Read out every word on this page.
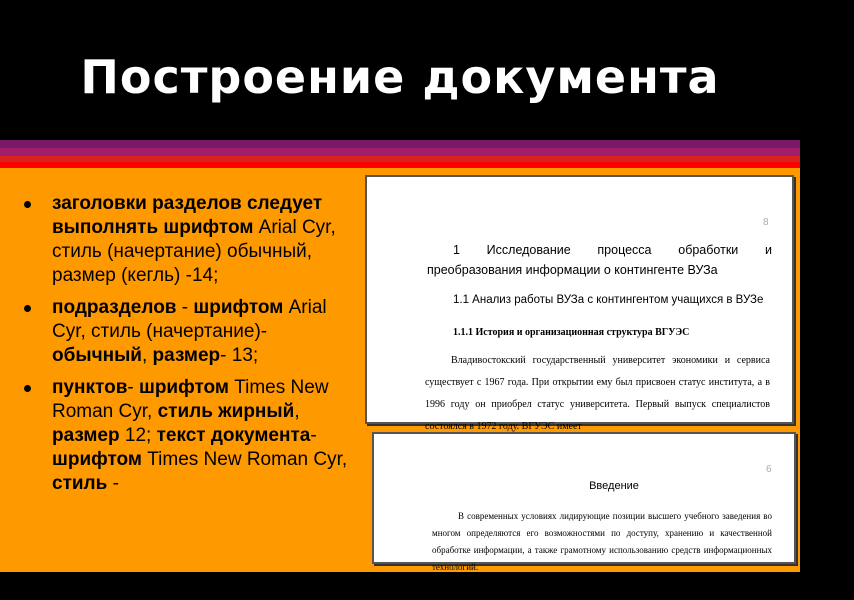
Построение документа
заголовки разделов следует выполнять шрифтом Arial Cyr, стиль (начертание) обычный, размер (кегль) -14;
подразделов - шрифтом Arial Cyr, стиль (начертание)- обычный, размер- 13;
пунктов- шрифтом Times New Roman Cyr, стиль жирный, размер 12; текст документа- шрифтом Times New Roman Cyr, стиль -
8
1 Исследование процесса обработки и преобразования информации о контингенте ВУЗа
1.1 Анализ работы ВУЗа с контингентом учащихся в ВУЗе
1.1.1 История и организационная структура ВГУЭС
Владивостокский государственный университет экономики и сервиса существует с 1967 года. При открытии ему был присвоен статус института, а в 1996 году он приобрел статус университета. Первый выпуск специалистов состоялся в 1972 году. ВГУЭС имеет
6
Введение
В современных условиях лидирующие позиции высшего учебного заведения во многом определяются его возможностями по доступу, хранению и качественной обработке информации, а также грамотному использованию средств информационных технологий.
